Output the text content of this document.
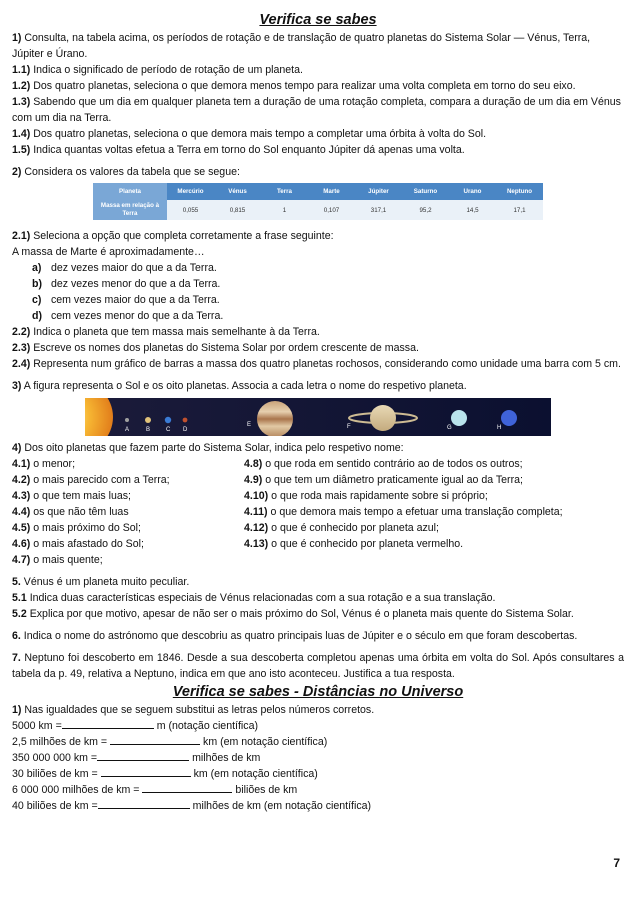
Verifica se sabes

1) Consulta, na tabela acima, os períodos de rotação e de translação de quatro planetas do Sistema Solar — Vénus, Terra, Júpiter e Úrano.

1.1) Indica o significado de período de rotação de um planeta.

1.2) Dos quatro planetas, seleciona o que demora menos tempo para realizar uma volta completa em torno do seu eixo.

1.3) Sabendo que um dia em qualquer planeta tem a duração de uma rotação completa, compara a duração de um dia em Vénus com um dia na Terra.

1.4) Dos quatro planetas, seleciona o que demora mais tempo a completar uma órbita à volta do Sol.

1.5) Indica quantas voltas efetua a Terra em torno do Sol enquanto Júpiter dá apenas uma volta.

2) Considera os valores da tabela que se segue:

Planeta	Mercúrio	Vénus	Terra	Marte	Júpiter	Saturno	Urano	Neptuno
Massa em relação à Terra	0,055	0,815	1	0,107	317,1	95,2	14,5	17,1

2.1) Seleciona a opção que completa corretamente a frase seguinte:

A massa de Marte é aproximadamente…

a) dez vezes maior do que a da Terra.

b) dez vezes menor do que a da Terra.

c) cem vezes maior do que a da Terra.

d) cem vezes menor do que a da Terra.

2.2) Indica o planeta que tem massa mais semelhante à da Terra.

2.3) Escreve os nomes dos planetas do Sistema Solar por ordem crescente de massa.

2.4) Representa num gráfico de barras a massa dos quatro planetas rochosos, considerando como unidade uma barra com 5 cm.

3) A figura representa o Sol e os oito planetas. Associa a cada letra o nome do respetivo planeta.

A	B	C D
E	F	G	H

4) Dos oito planetas que fazem parte do Sistema Solar, indica pelo respetivo nome:

4.1) o menor;

4.2) o mais parecido com a Terra;

4.3) o que tem mais luas;

4.4) os que não têm luas

4.5) o mais próximo do Sol;

4.6) o mais afastado do Sol;

4.7) o mais quente;

4.8) o que roda em sentido contrário ao de todos os outros;

4.9) o que tem um diâmetro praticamente igual ao da Terra;

4.10) o que roda mais rapidamente sobre si próprio;

4.11) o que demora mais tempo a efetuar uma translação completa;

4.12) o que é conhecido por planeta azul;

4.13) o que é conhecido por planeta vermelho.

5. Vénus é um planeta muito peculiar.

5.1 Indica duas características especiais de Vénus relacionadas com a sua rotação e a sua translação.

5.2 Explica por que motivo, apesar de não ser o mais próximo do Sol, Vénus é o planeta mais quente do Sistema Solar.

6. Indica o nome do astrónomo que descobriu as quatro principais luas de Júpiter e o século em que foram descobertas.

7. Neptuno foi descoberto em 1846. Desde a sua descoberta completou apenas uma órbita em volta do Sol. Após consultares a tabela da p. 49, relativa a Neptuno, indica em que ano isto aconteceu. Justifica a tua resposta.

Verifica se sabes - Distâncias no Universo

1) Nas igualdades que se seguem substitui as letras pelos números corretos.

5000 km =	m (notação científica)

2,5 milhões de km =	km (em notação científica)

350 000 000 km =	milhões de km

30 biliões de km =	km (em notação científica)

6 000 000 milhões de km =	biliões de km

40 biliões de km =	milhões de km (em notação científica)

7
